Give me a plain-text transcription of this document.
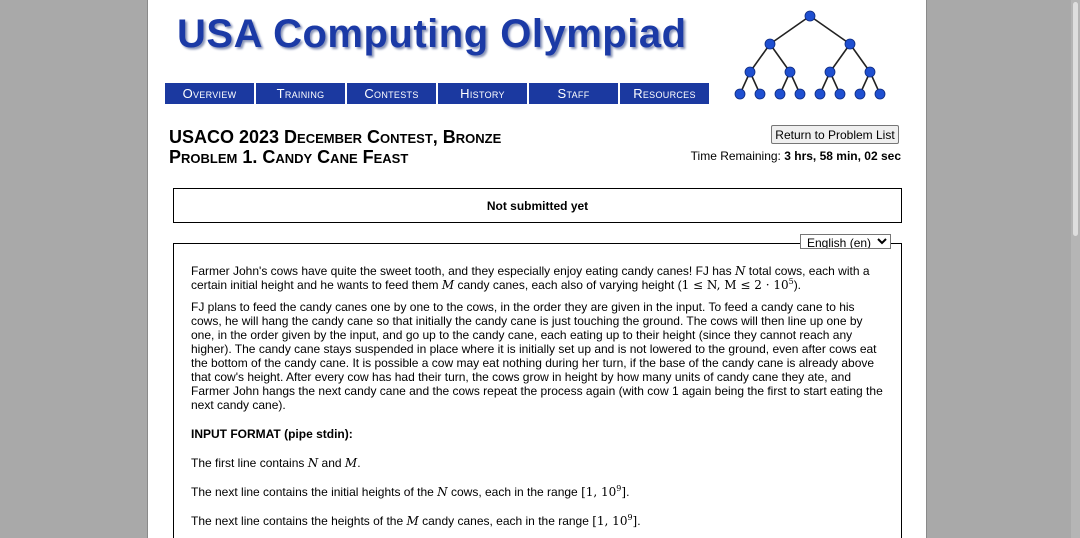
USA Computing Olympiad
Overview	Training	Contests	History	Staff	Resources
USACO 2023 December Contest, Bronze
Problem 1. Candy Cane Feast
Return to Problem List
Time Remaining: 3 hrs, 58 min, 02 sec
Not submitted yet
English (en)

Farmer John's cows have quite the sweet tooth, and they especially enjoy eating candy canes! FJ has N total cows, each with a certain initial height and he wants to feed them M candy canes, each also of varying height (1 ≤ N, $M \le 2 \cdot 10^5$).

FJ plans to feed the candy canes one by one to the cows, in the order they are given in the input. To feed a candy cane to his cows, he will hang the candy cane so that initially the candy cane is just touching the ground. The cows will then line up one by one, in the order given by the input, and go up to the candy cane, each eating up to their height (since they cannot reach any higher). The candy cane stays suspended in place where it is initially set up and is not lowered to the ground, even after cows eat the bottom of the candy cane. It is possible a cow may eat nothing during her turn, if the base of the candy cane is already above that cow's height. After every cow has had their turn, the cows grow in height by how many units of candy cane they ate, and Farmer John hangs the next candy cane and the cows repeat the process again (with cow 1 again being the first to start eating the next candy cane).

INPUT FORMAT (pipe stdin):

The first line contains N and M.

The next line contains the initial heights of the N cows, each in the range [1, $10^9$].

The next line contains the heights of the M candy canes, each in the range [1, $10^9$].
